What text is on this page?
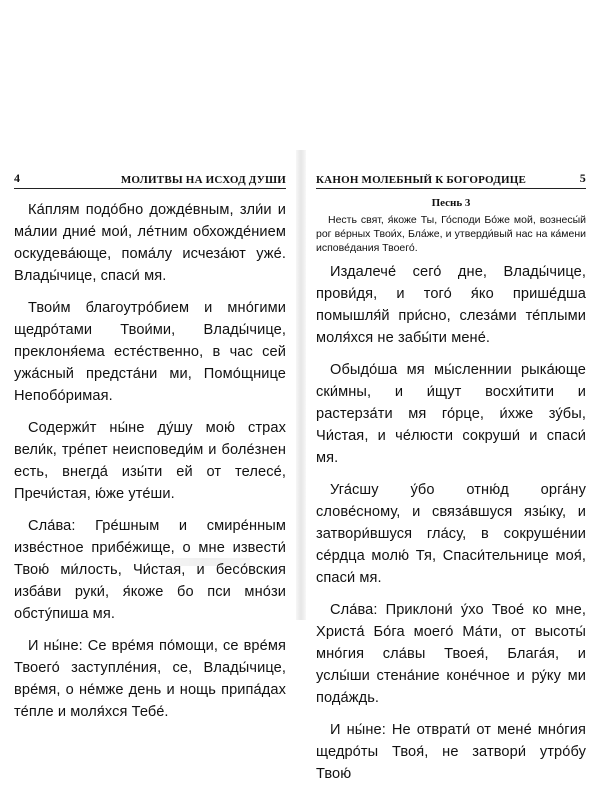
4	МОЛИТВЫ НА ИСХОД ДУШИ

Ка́плям подо́бно дожде́вным, зли́и и ма́лии дние́ мои́, ле́тним обхожде́нием оскудева́юще, пома́лу исчеза́ют уже́. Влады́чице, спаси́ мя.

Твои́м благоутро́бием и мно́гими щедро́тами Твои́ми, Влады́чице, преклоня́ема есте́ственно, в час сей ужа́сный предста́ни ми, Помо́щнице Непобо́римая.

Содержи́т ны́не ду́шу мою́ страх вели́к, тре́пет неисповеди́м и боле́знен есть, внегда́ изы́ти ей от телесе́, Пречи́стая, ю́же уте́ши.

Сла́ва: Гре́шным и смире́нным изве́стное прибе́жище, о мне извести́ Твою́ ми́лость, Чи́стая, и бесо́вския изба́ви руки́, я́коже бо пси мно́зи обсту́пиша мя.

И ны́не: Се вре́мя по́мощи, се вре́мя Твоего́ заступле́ния, се, Влады́чице, вре́мя, о не́мже день и нощь припа́дах те́пле и моля́хся Тебе́.

КАНОН МОЛЕБНЫЙ К БОГОРОДИЦЕ	5
Песнь 3

Несть свят, я́коже Ты, Го́споди Бо́же мой, вознесы́й рог ве́рных Твои́х, Бла́же, и утверди́вый нас на ка́мени испове́дания Твоего́.

Издалече́ сего́ дне, Влады́чице, прови́дя, и того́ я́ко прише́дша помышля́й при́сно, слеза́ми те́плыми моля́хся не забы́ти мене́.

Обыдо́ша мя мы́сленнии рыка́юще ски́мны, и и́щут восхи́тити и растерза́ти мя го́рце, и́хже зу́бы, Чи́стая, и че́люсти сокруши́ и спаси́ мя.

Уга́сшу у́бо отню́д орга́ну слове́сному, и связа́вшуся язы́ку, и затвори́вшуся гла́су, в сокруше́нии се́рдца молю́ Тя, Спаси́тельнице моя́, спаси́ мя.

Сла́ва: Приклони́ у́хо Твое́ ко мне, Христа́ Бо́га моего́ Ма́ти, от высоты́ мно́гия сла́вы Твоея́, Блага́я, и услы́ши стена́ние коне́чное и ру́ку ми пода́ждь.

И ны́не: Не отврати́ от мене́ мно́гия щедро́ты Твоя́, не затвори́ утро́бу Твою́
